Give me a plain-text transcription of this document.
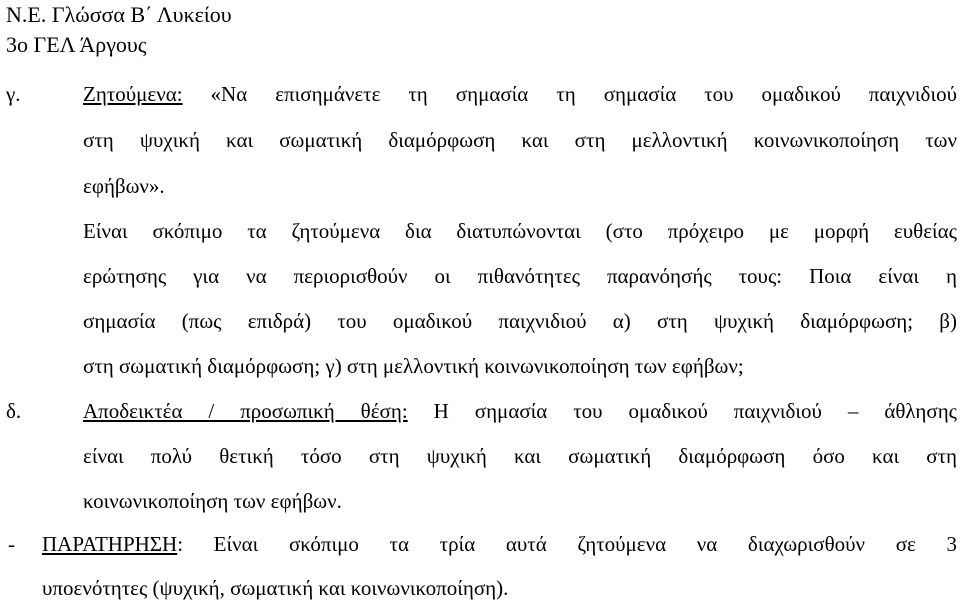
Ν.Ε. Γλώσσα Β΄ Λυκείου
3ο ΓΕΛ Άργους
γ.	Ζητούμενα: «Να επισημάνετε τη σημασία τη σημασία του ομαδικού παιχνιδιού
στη ψυχική και σωματική διαμόρφωση και στη μελλοντική κοινωνικοποίηση των
εφήβων».
Είναι σκόπιμο τα ζητούμενα δια διατυπώνονται (στο πρόχειρο με μορφή ευθείας
ερώτησης για να περιορισθούν οι πιθανότητες παρανόησής τους: Ποια είναι η
σημασία (πως επιδρά) του ομαδικού παιχνιδιού α) στη ψυχική διαμόρφωση; β)
στη σωματική διαμόρφωση; γ) στη μελλοντική κοινωνικοποίηση των εφήβων;
δ.	Αποδεικτέα / προσωπική θέση: Η σημασία του ομαδικού παιχνιδιού – άθλησης
είναι πολύ θετική τόσο στη ψυχική και σωματική διαμόρφωση όσο και στη
κοινωνικοποίηση των εφήβων.
- ΠΑΡΑΤΗΡΗΣΗ: Είναι σκόπιμο τα τρία αυτά ζητούμενα να διαχωρισθούν σε 3
υποενότητες (ψυχική, σωματική και κοινωνικοποίηση).
